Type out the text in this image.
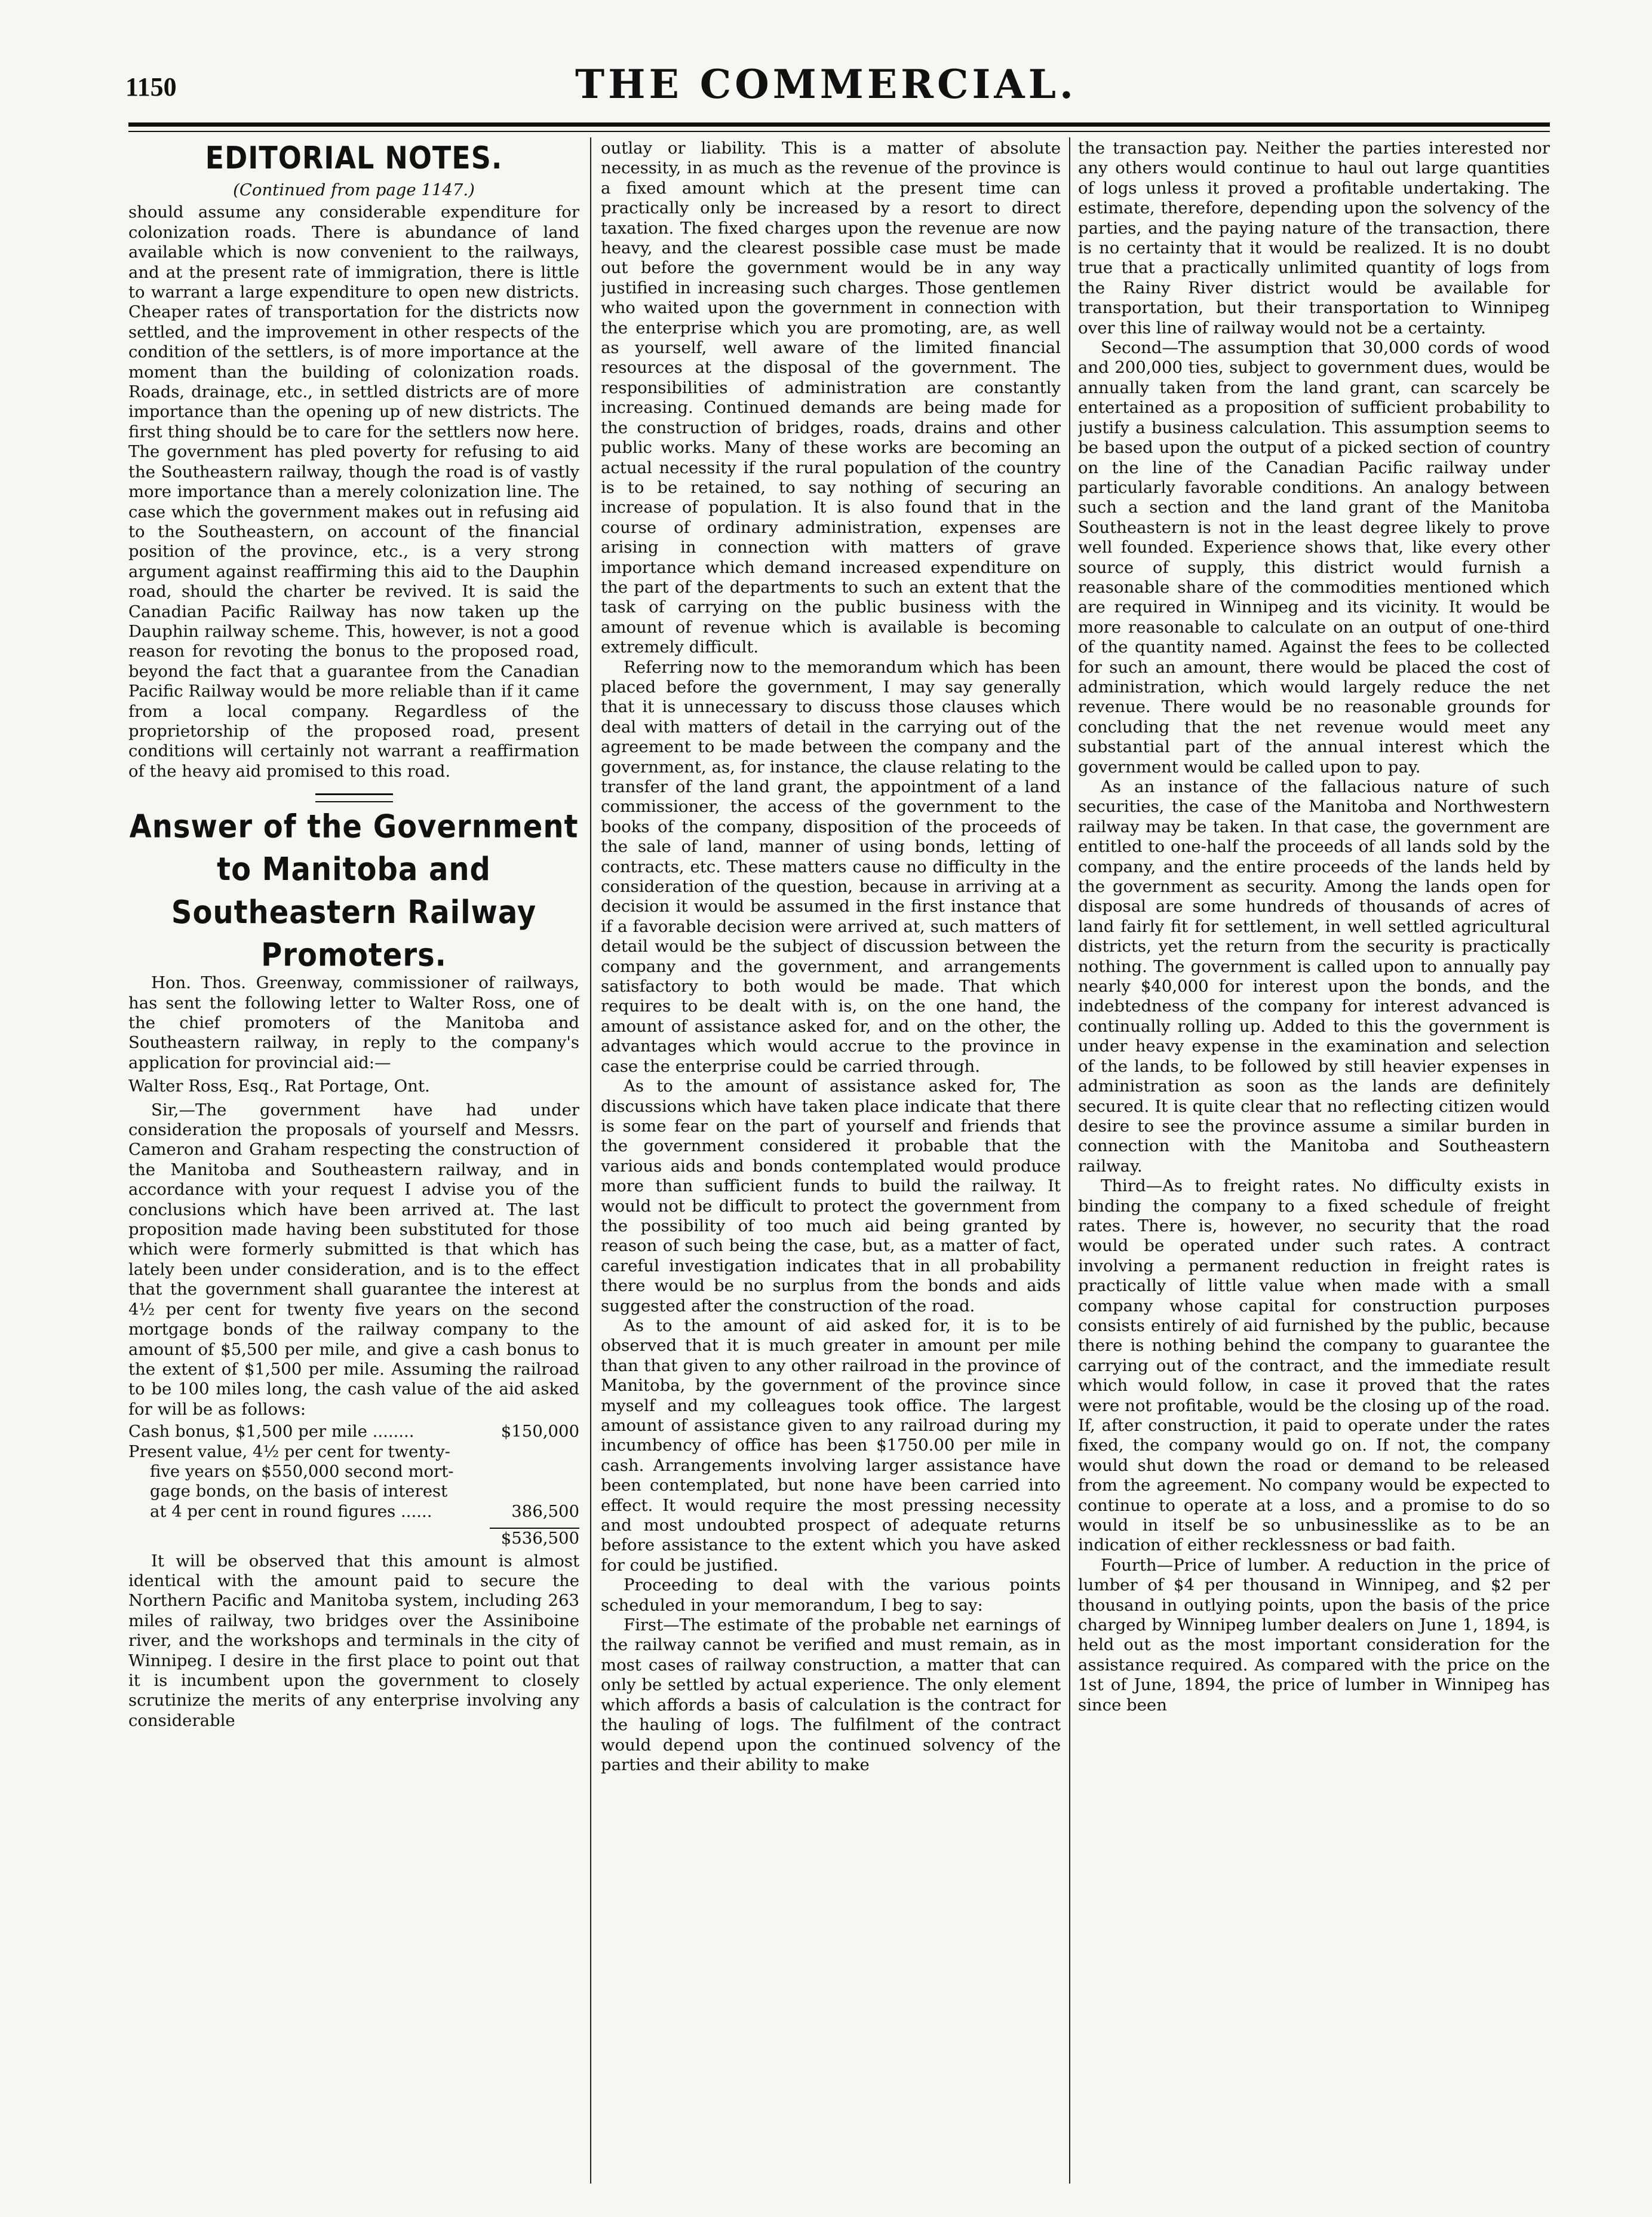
1150	THE COMMERCIAL.
EDITORIAL NOTES.
(Continued from page 1147.)

should assume any considerable expenditure for colonization roads. There is abundance of land available which is now convenient to the railways, and at the present rate of immigration, there is little to warrant a large expenditure to open new districts. Cheaper rates of transportation for the districts now settled, and the improvement in other respects of the condition of the settlers, is of more importance at the moment than the building of colonization roads. Roads, drainage, etc., in settled districts are of more importance than the opening up of new districts. The first thing should be to care for the settlers now here. The government has pled poverty for refusing to aid the Southeastern railway, though the road is of vastly more importance than a merely colonization line. The case which the government makes out in refusing aid to the Southeastern, on account of the financial position of the province, etc., is a very strong argument against reaffirming this aid to the Dauphin road, should the charter be revived. It is said the Canadian Pacific Railway has now taken up the Dauphin railway scheme. This, however, is not a good reason for revoting the bonus to the proposed road, beyond the fact that a guarantee from the Canadian Pacific Railway would be more reliable than if it came from a local company. Regardless of the proprietorship of the proposed road, present conditions will certainly not warrant a reaffirmation of the heavy aid promised to this road.

Answer of the Government to Manitoba and Southeastern Railway Promoters.

Hon. Thos. Greenway, commissioner of railways, has sent the following letter to Walter Ross, one of the chief promoters of the Manitoba and Southeastern railway, in reply to the company's application for provincial aid:—

Walter Ross, Esq., Rat Portage, Ont.

Sir,—The government have had under consideration the proposals of yourself and Messrs. Cameron and Graham respecting the construction of the Manitoba and Southeastern railway, and in accordance with your request I advise you of the conclusions which have been arrived at. The last proposition made having been substituted for those which were formerly submitted is that which has lately been under consideration, and is to the effect that the government shall guarantee the interest at 4½ per cent for twenty five years on the second mortgage bonds of the railway company to the amount of $5,500 per mile, and give a cash bonus to the extent of $1,500 per mile. Assuming the railroad to be 100 miles long, the cash value of the aid asked for will be as follows:

Cash bonus, $1,500 per mile ........	$150,000
Present value, 4½ per cent for twenty-
five years on $550,000 second mort-
gage bonds, on the basis of interest
at 4 per cent in round figures ......	386,500
$536,500

It will be observed that this amount is almost identical with the amount paid to secure the Northern Pacific and Manitoba system, including 263 miles of railway, two bridges over the Assiniboine river, and the workshops and terminals in the city of Winnipeg. I desire in the first place to point out that it is incumbent upon the government to closely scrutinize the merits of any enterprise involving any considerable

outlay or liability. This is a matter of absolute necessity, in as much as the revenue of the province is a fixed amount which at the present time can practically only be increased by a resort to direct taxation. The fixed charges upon the revenue are now heavy, and the clearest possible case must be made out before the government would be in any way justified in increasing such charges. Those gentlemen who waited upon the government in connection with the enterprise which you are promoting, are, as well as yourself, well aware of the limited financial resources at the disposal of the government. The responsibilities of administration are constantly increasing. Continued demands are being made for the construction of bridges, roads, drains and other public works. Many of these works are becoming an actual necessity if the rural population of the country is to be retained, to say nothing of securing an increase of population. It is also found that in the course of ordinary administration, expenses are arising in connection with matters of grave importance which demand increased expenditure on the part of the departments to such an extent that the task of carrying on the public business with the amount of revenue which is available is becoming extremely difficult.

Referring now to the memorandum which has been placed before the government, I may say generally that it is unnecessary to discuss those clauses which deal with matters of detail in the carrying out of the agreement to be made between the company and the government, as, for instance, the clause relating to the transfer of the land grant, the appointment of a land commissioner, the access of the government to the books of the company, disposition of the proceeds of the sale of land, manner of using bonds, letting of contracts, etc. These matters cause no difficulty in the consideration of the question, because in arriving at a decision it would be assumed in the first instance that if a favorable decision were arrived at, such matters of detail would be the subject of discussion between the company and the government, and arrangements satisfactory to both would be made. That which requires to be dealt with is, on the one hand, the amount of assistance asked for, and on the other, the advantages which would accrue to the province in case the enterprise could be carried through.

As to the amount of assistance asked for, The discussions which have taken place indicate that there is some fear on the part of yourself and friends that the government considered it probable that the various aids and bonds contemplated would produce more than sufficient funds to build the railway. It would not be difficult to protect the government from the possibility of too much aid being granted by reason of such being the case, but, as a matter of fact, careful investigation indicates that in all probability there would be no surplus from the bonds and aids suggested after the construction of the road.

As to the amount of aid asked for, it is to be observed that it is much greater in amount per mile than that given to any other railroad in the province of Manitoba, by the government of the province since myself and my colleagues took office. The largest amount of assistance given to any railroad during my incumbency of office has been $1750.00 per mile in cash. Arrangements involving larger assistance have been contemplated, but none have been carried into effect. It would require the most pressing necessity and most undoubted prospect of adequate returns before assistance to the extent which you have asked for could be justified.

Proceeding to deal with the various points scheduled in your memorandum, I beg to say:

First—The estimate of the probable net earnings of the railway cannot be verified and must remain, as in most cases of railway construction, a matter that can only be settled by actual experience. The only element which affords a basis of calculation is the contract for the hauling of logs. The fulfilment of the contract would depend upon the continued solvency of the parties and their ability to make

the transaction pay. Neither the parties interested nor any others would continue to haul out large quantities of logs unless it proved a profitable undertaking. The estimate, therefore, depending upon the solvency of the parties, and the paying nature of the transaction, there is no certainty that it would be realized. It is no doubt true that a practically unlimited quantity of logs from the Rainy River district would be available for transportation, but their transportation to Winnipeg over this line of railway would not be a certainty.

Second—The assumption that 30,000 cords of wood and 200,000 ties, subject to government dues, would be annually taken from the land grant, can scarcely be entertained as a proposition of sufficient probability to justify a business calculation. This assumption seems to be based upon the output of a picked section of country on the line of the Canadian Pacific railway under particularly favorable conditions. An analogy between such a section and the land grant of the Manitoba Southeastern is not in the least degree likely to prove well founded. Experience shows that, like every other source of supply, this district would furnish a reasonable share of the commodities mentioned which are required in Winnipeg and its vicinity. It would be more reasonable to calculate on an output of one-third of the quantity named. Against the fees to be collected for such an amount, there would be placed the cost of administration, which would largely reduce the net revenue. There would be no reasonable grounds for concluding that the net revenue would meet any substantial part of the annual interest which the government would be called upon to pay.

As an instance of the fallacious nature of such securities, the case of the Manitoba and Northwestern railway may be taken. In that case, the government are entitled to one-half the proceeds of all lands sold by the company, and the entire proceeds of the lands held by the government as security. Among the lands open for disposal are some hundreds of thousands of acres of land fairly fit for settlement, in well settled agricultural districts, yet the return from the security is practically nothing. The government is called upon to annually pay nearly $40,000 for interest upon the bonds, and the indebtedness of the company for interest advanced is continually rolling up. Added to this the government is under heavy expense in the examination and selection of the lands, to be followed by still heavier expenses in administration as soon as the lands are definitely secured. It is quite clear that no reflecting citizen would desire to see the province assume a similar burden in connection with the Manitoba and Southeastern railway.

Third—As to freight rates. No difficulty exists in binding the company to a fixed schedule of freight rates. There is, however, no security that the road would be operated under such rates. A contract involving a permanent reduction in freight rates is practically of little value when made with a small company whose capital for construction purposes consists entirely of aid furnished by the public, because there is nothing behind the company to guarantee the carrying out of the contract, and the immediate result which would follow, in case it proved that the rates were not profitable, would be the closing up of the road. If, after construction, it paid to operate under the rates fixed, the company would go on. If not, the company would shut down the road or demand to be released from the agreement. No company would be expected to continue to operate at a loss, and a promise to do so would in itself be so unbusinesslike as to be an indication of either recklessness or bad faith.

Fourth—Price of lumber. A reduction in the price of lumber of $4 per thousand in Winnipeg, and $2 per thousand in outlying points, upon the basis of the price charged by Winnipeg lumber dealers on June 1, 1894, is held out as the most important consideration for the assistance required. As compared with the price on the 1st of June, 1894, the price of lumber in Winnipeg has since been
